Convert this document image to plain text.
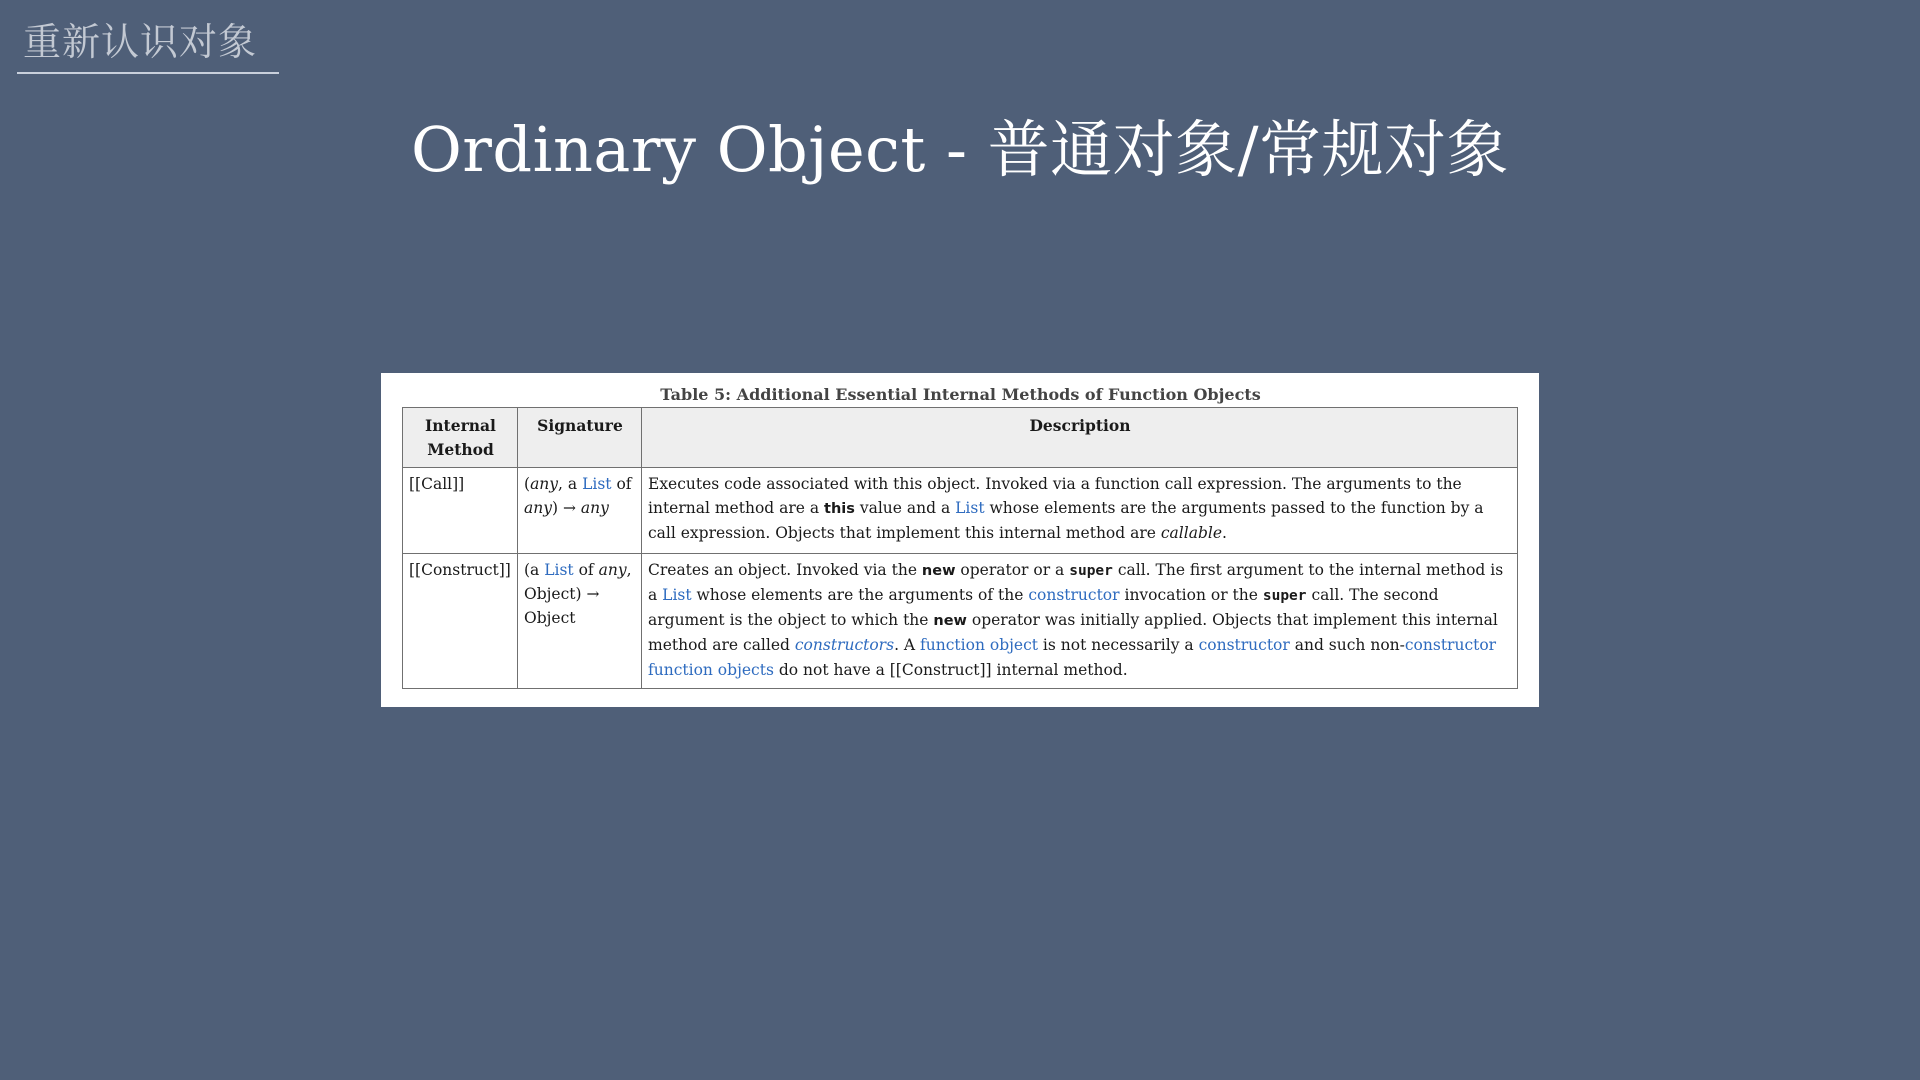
重新认识对象
Ordinary Object - 普通对象/常规对象
Table 5: Additional Essential Internal Methods of Function Objects
Internal
Method	Signature	Description
[[Call]]	(any, a List of any) → any	Executes code associated with this object. Invoked via a function call expression. The arguments to the internal method are a this value and a List whose elements are the arguments passed to the function by a call expression. Objects that implement this internal method are callable.
[[Construct]]	(a List of any, Object) → Object	Creates an object. Invoked via the new operator or a super call. The first argument to the internal method is a List whose elements are the arguments of the constructor invocation or the super call. The second argument is the object to which the new operator was initially applied. Objects that implement this internal method are called constructors. A function object is not necessarily a constructor and such non-constructor function objects do not have a [[Construct]] internal method.
